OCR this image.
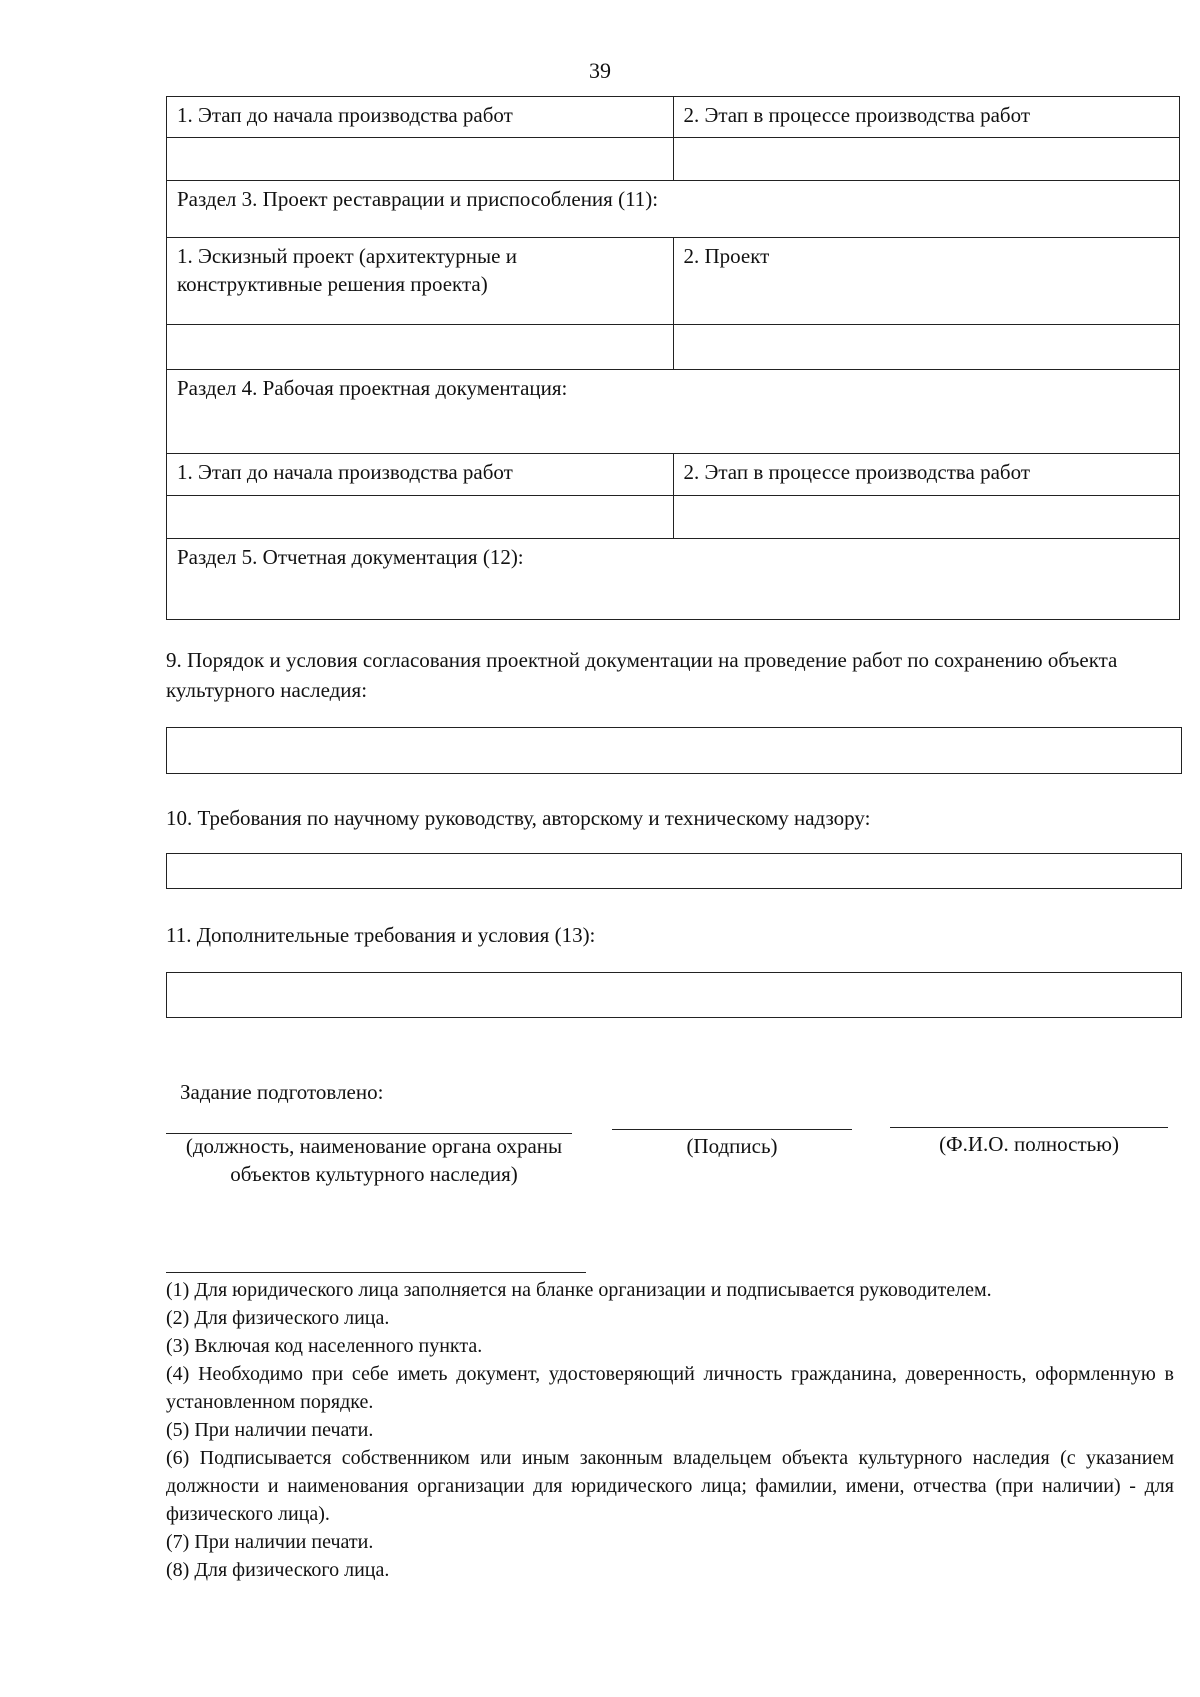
39
1. Этап до начала производства работ	2. Этап в процессе производства работ

Раздел 3. Проект реставрации и приспособления (11):	
1. Эскизный проект (архитектурные и конструктивные решения проекта)	2. Проект

Раздел 4. Рабочая проектная документация:	
1. Этап до начала производства работ	2. Этап в процессе производства работ

Раздел 5. Отчетная документация (12):	
9. Порядок и условия согласования проектной документации на проведение работ по сохранению объекта культурного наследия:
10. Требования по научному руководству, авторскому и техническому надзору:
11. Дополнительные требования и условия (13):
Задание подготовлено:
(должность, наименование органа охраны объектов культурного наследия)
(Подпись)	(Ф.И.О. полностью)
(1) Для юридического лица заполняется на бланке организации и подписывается руководителем.
(2) Для физического лица.
(3) Включая код населенного пункта.
(4) Необходимо при себе иметь документ, удостоверяющий личность гражданина, доверенность, оформленную в установленном порядке.
(5) При наличии печати.
(6) Подписывается собственником или иным законным владельцем объекта культурного наследия (с указанием должности и наименования организации для юридического лица; фамилии, имени, отчества (при наличии) - для физического лица).
(7) При наличии печати.
(8) Для физического лица.
